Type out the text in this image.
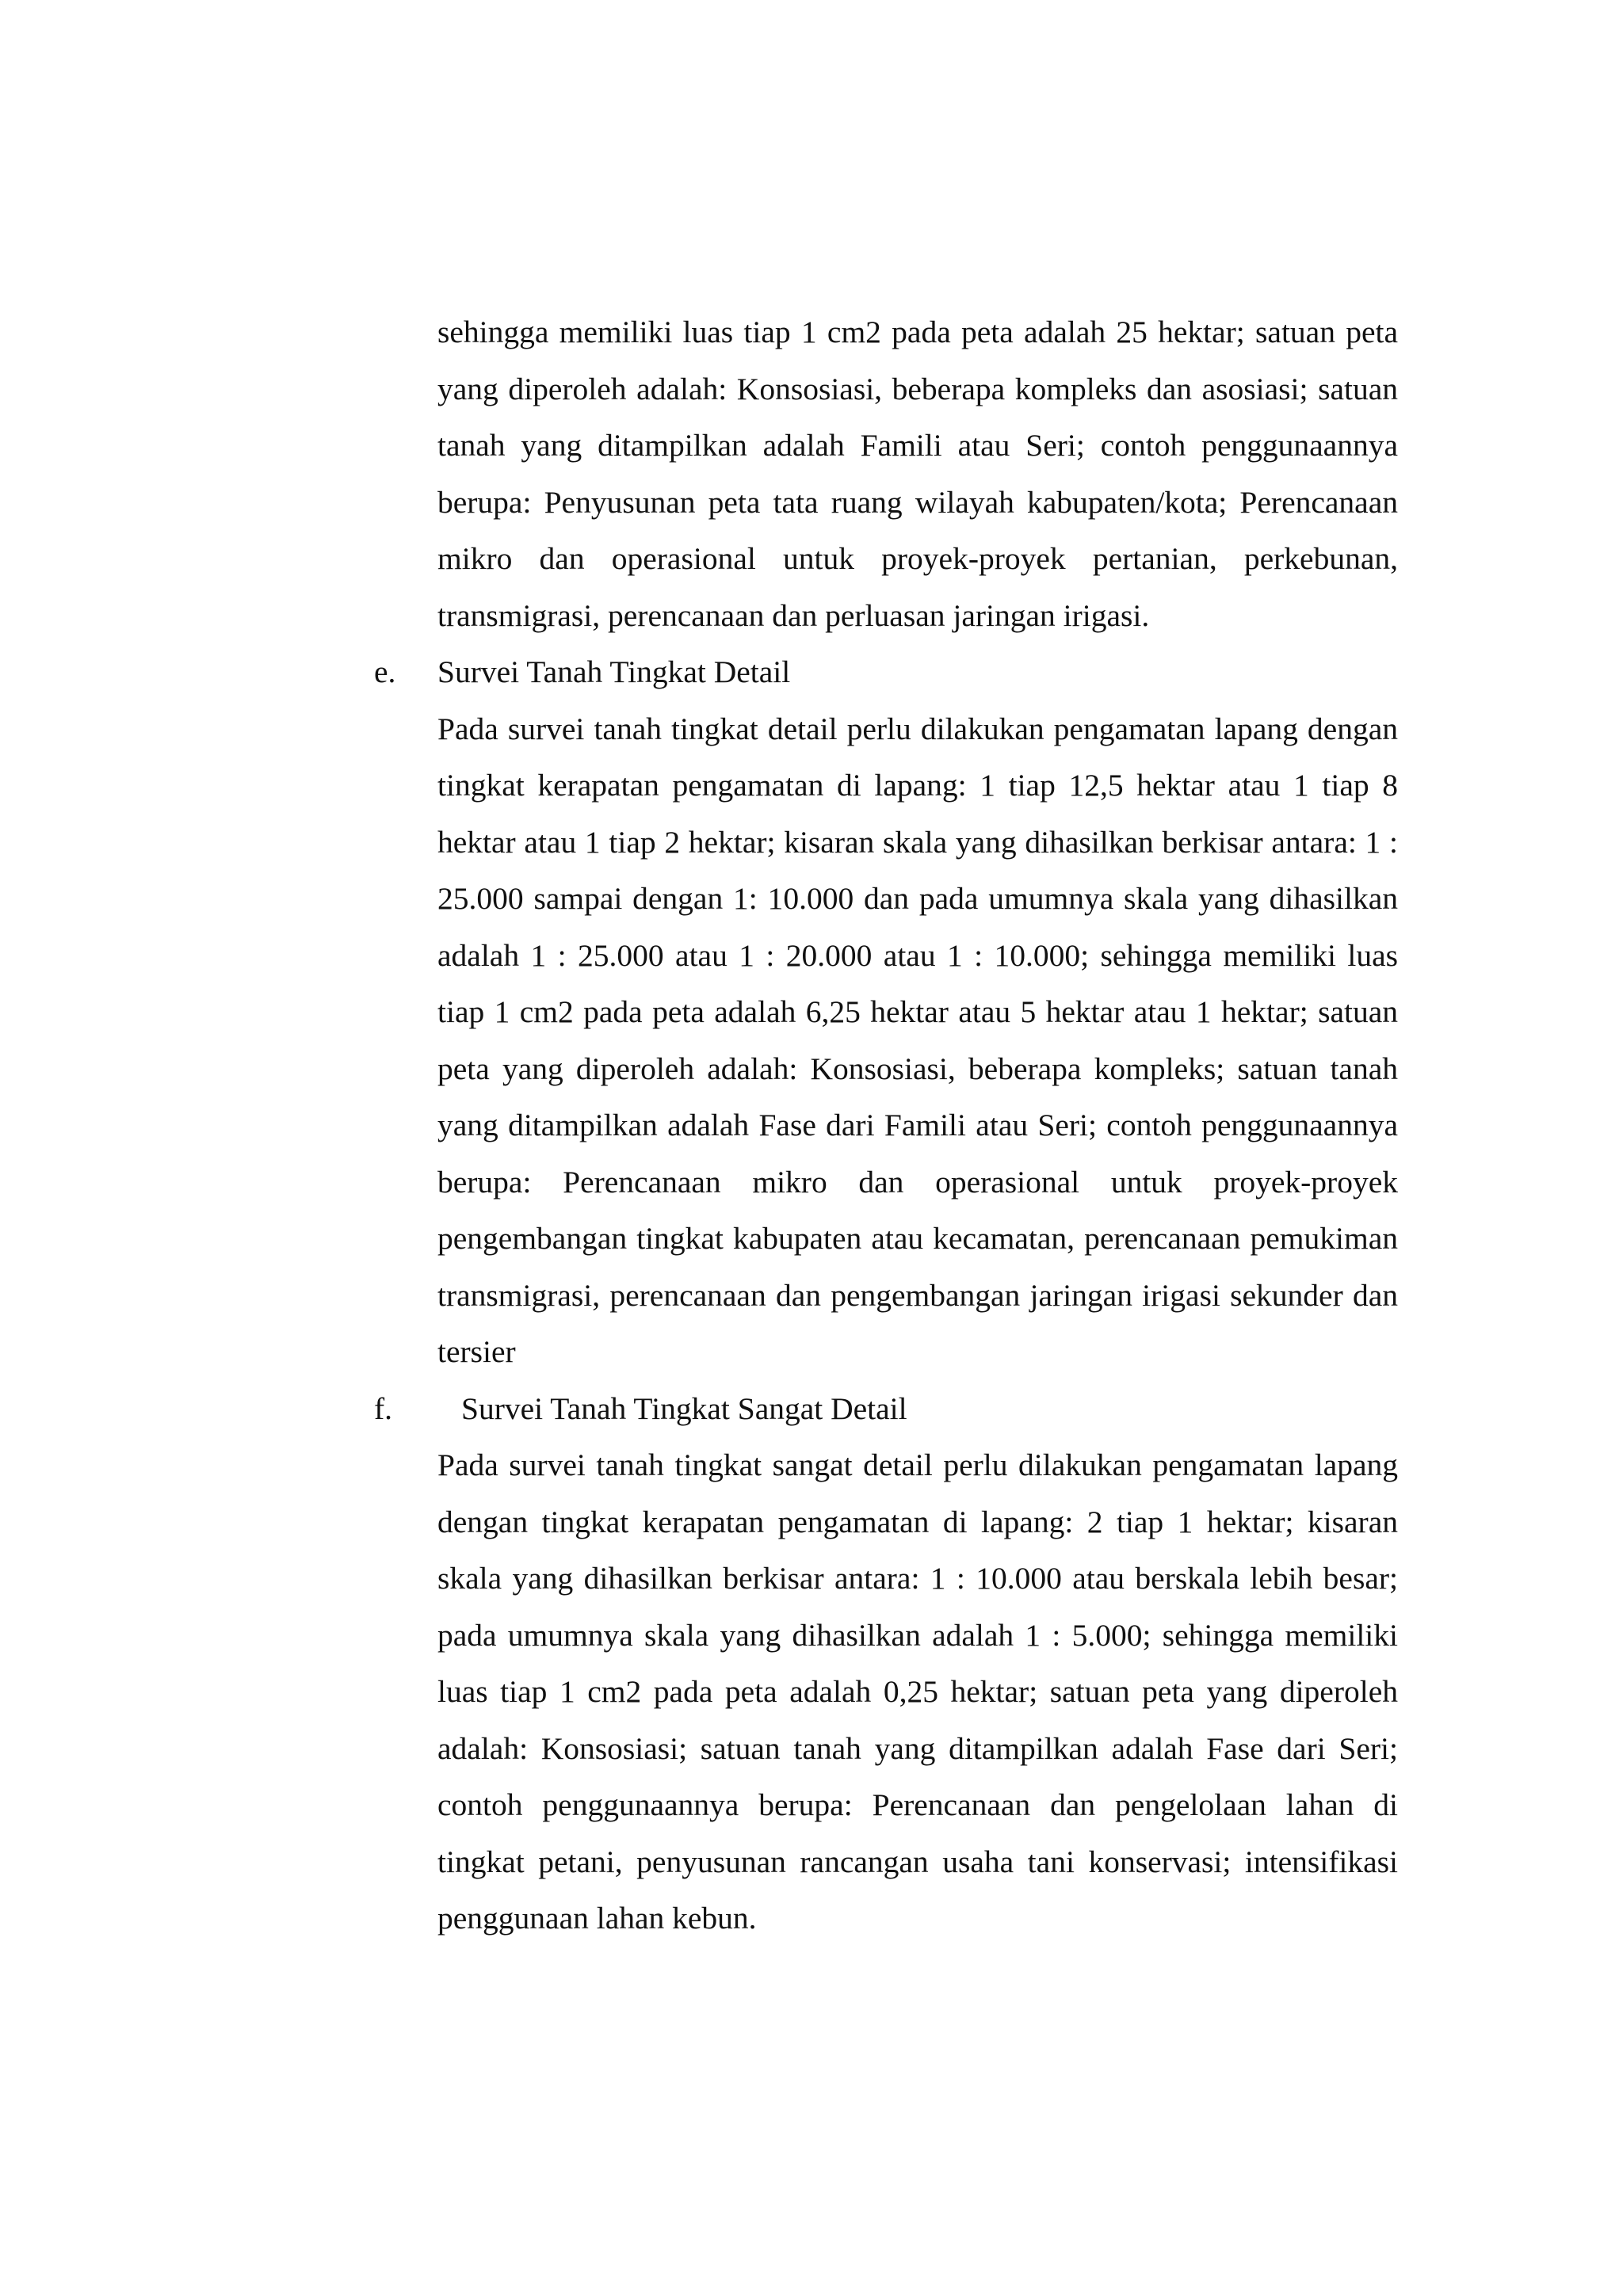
sehingga memiliki luas tiap 1 cm2 pada peta adalah 25 hektar; satuan peta yang diperoleh adalah: Konsosiasi, beberapa kompleks dan asosiasi; satuan tanah yang ditampilkan adalah Famili atau Seri; contoh penggunaannya berupa: Penyusunan peta tata ruang wilayah kabupaten/kota; Perencanaan mikro dan operasional untuk proyek-proyek pertanian, perkebunan, transmigrasi, perencanaan dan perluasan jaringan irigasi.

e. Survei Tanah Tingkat Detail

Pada survei tanah tingkat detail perlu dilakukan pengamatan lapang dengan tingkat kerapatan pengamatan di lapang: 1 tiap 12,5 hektar atau 1 tiap 8 hektar atau 1 tiap 2 hektar; kisaran skala yang dihasilkan berkisar antara: 1 : 25.000 sampai dengan 1: 10.000 dan pada umumnya skala yang dihasilkan adalah 1 : 25.000 atau 1 : 20.000 atau 1 : 10.000; sehingga memiliki luas tiap 1 cm2 pada peta adalah 6,25 hektar atau 5 hektar atau 1 hektar; satuan peta yang diperoleh adalah: Konsosiasi, beberapa kompleks; satuan tanah yang ditampilkan adalah Fase dari Famili atau Seri; contoh penggunaannya berupa: Perencanaan mikro dan operasional untuk proyek-proyek pengembangan tingkat kabupaten atau kecamatan, perencanaan pemukiman transmigrasi, perencanaan dan pengembangan jaringan irigasi sekunder dan tersier

f. Survei Tanah Tingkat Sangat Detail

Pada survei tanah tingkat sangat detail perlu dilakukan pengamatan lapang dengan tingkat kerapatan pengamatan di lapang: 2 tiap 1 hektar; kisaran skala yang dihasilkan berkisar antara: 1 : 10.000 atau berskala lebih besar; pada umumnya skala yang dihasilkan adalah 1 : 5.000; sehingga memiliki luas tiap 1 cm2 pada peta adalah 0,25 hektar; satuan peta yang diperoleh adalah: Konsosiasi; satuan tanah yang ditampilkan adalah Fase dari Seri; contoh penggunaannya berupa: Perencanaan dan pengelolaan lahan di tingkat petani, penyusunan rancangan usaha tani konservasi; intensifikasi penggunaan lahan kebun.
